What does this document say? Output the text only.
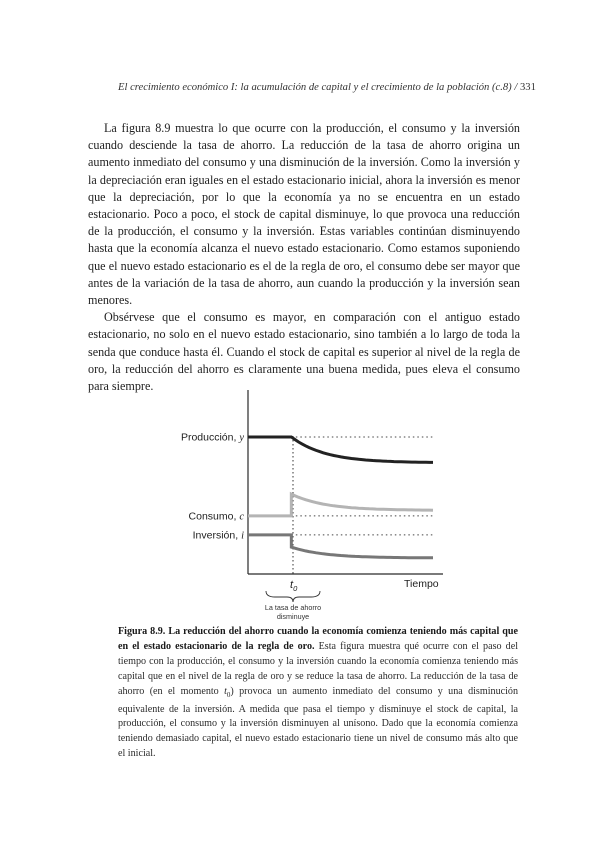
El crecimiento económico I: la acumulación de capital y el crecimiento de la población (c.8) / 331

La figura 8.9 muestra lo que ocurre con la producción, el consumo y la inversión cuando desciende la tasa de ahorro. La reducción de la tasa de ahorro origina un aumento inmediato del consumo y una disminución de la inversión. Como la inversión y la depreciación eran iguales en el estado estacionario inicial, ahora la inversión es menor que la depreciación, por lo que la economía ya no se encuentra en un estado estacionario. Poco a poco, el stock de capital disminuye, lo que provoca una reducción de la producción, el consumo y la inversión. Estas variables continúan disminuyendo hasta que la economía alcanza el nuevo estado estacionario. Como estamos suponiendo que el nuevo estado estacionario es el de la regla de oro, el consumo debe ser mayor que antes de la variación de la tasa de ahorro, aun cuando la producción y la inversión sean menores.

Obsérvese que el consumo es mayor, en comparación con el antiguo estado estacionario, no solo en el nuevo estado estacionario, sino también a lo largo de toda la senda que conduce hasta él. Cuando el stock de capital es superior al nivel de la regla de oro, la reducción del ahorro es claramente una buena medida, pues eleva el consumo para siempre.

Producción, y
Consumo, c
Inversión, i
Tiempo
$t_0$
La tasa de ahorro
disminuye
Figura 8.9. La reducción del ahorro cuando la economía comienza teniendo más capital que en el estado estacionario de la regla de oro. Esta figura muestra qué ocurre con el paso del tiempo con la producción, el consumo y la inversión cuando la economía comienza teniendo más capital que en el nivel de la regla de oro y se reduce la tasa de ahorro. La reducción de la tasa de ahorro (en el momento $t_0$) provoca un aumento inmediato del consumo y una disminución equivalente de la inversión. A medida que pasa el tiempo y disminuye el stock de capital, la producción, el consumo y la inversión disminuyen al unísono. Dado que la economía comienza teniendo demasiado capital, el nuevo estado estacionario tiene un nivel de consumo más alto que el inicial.
